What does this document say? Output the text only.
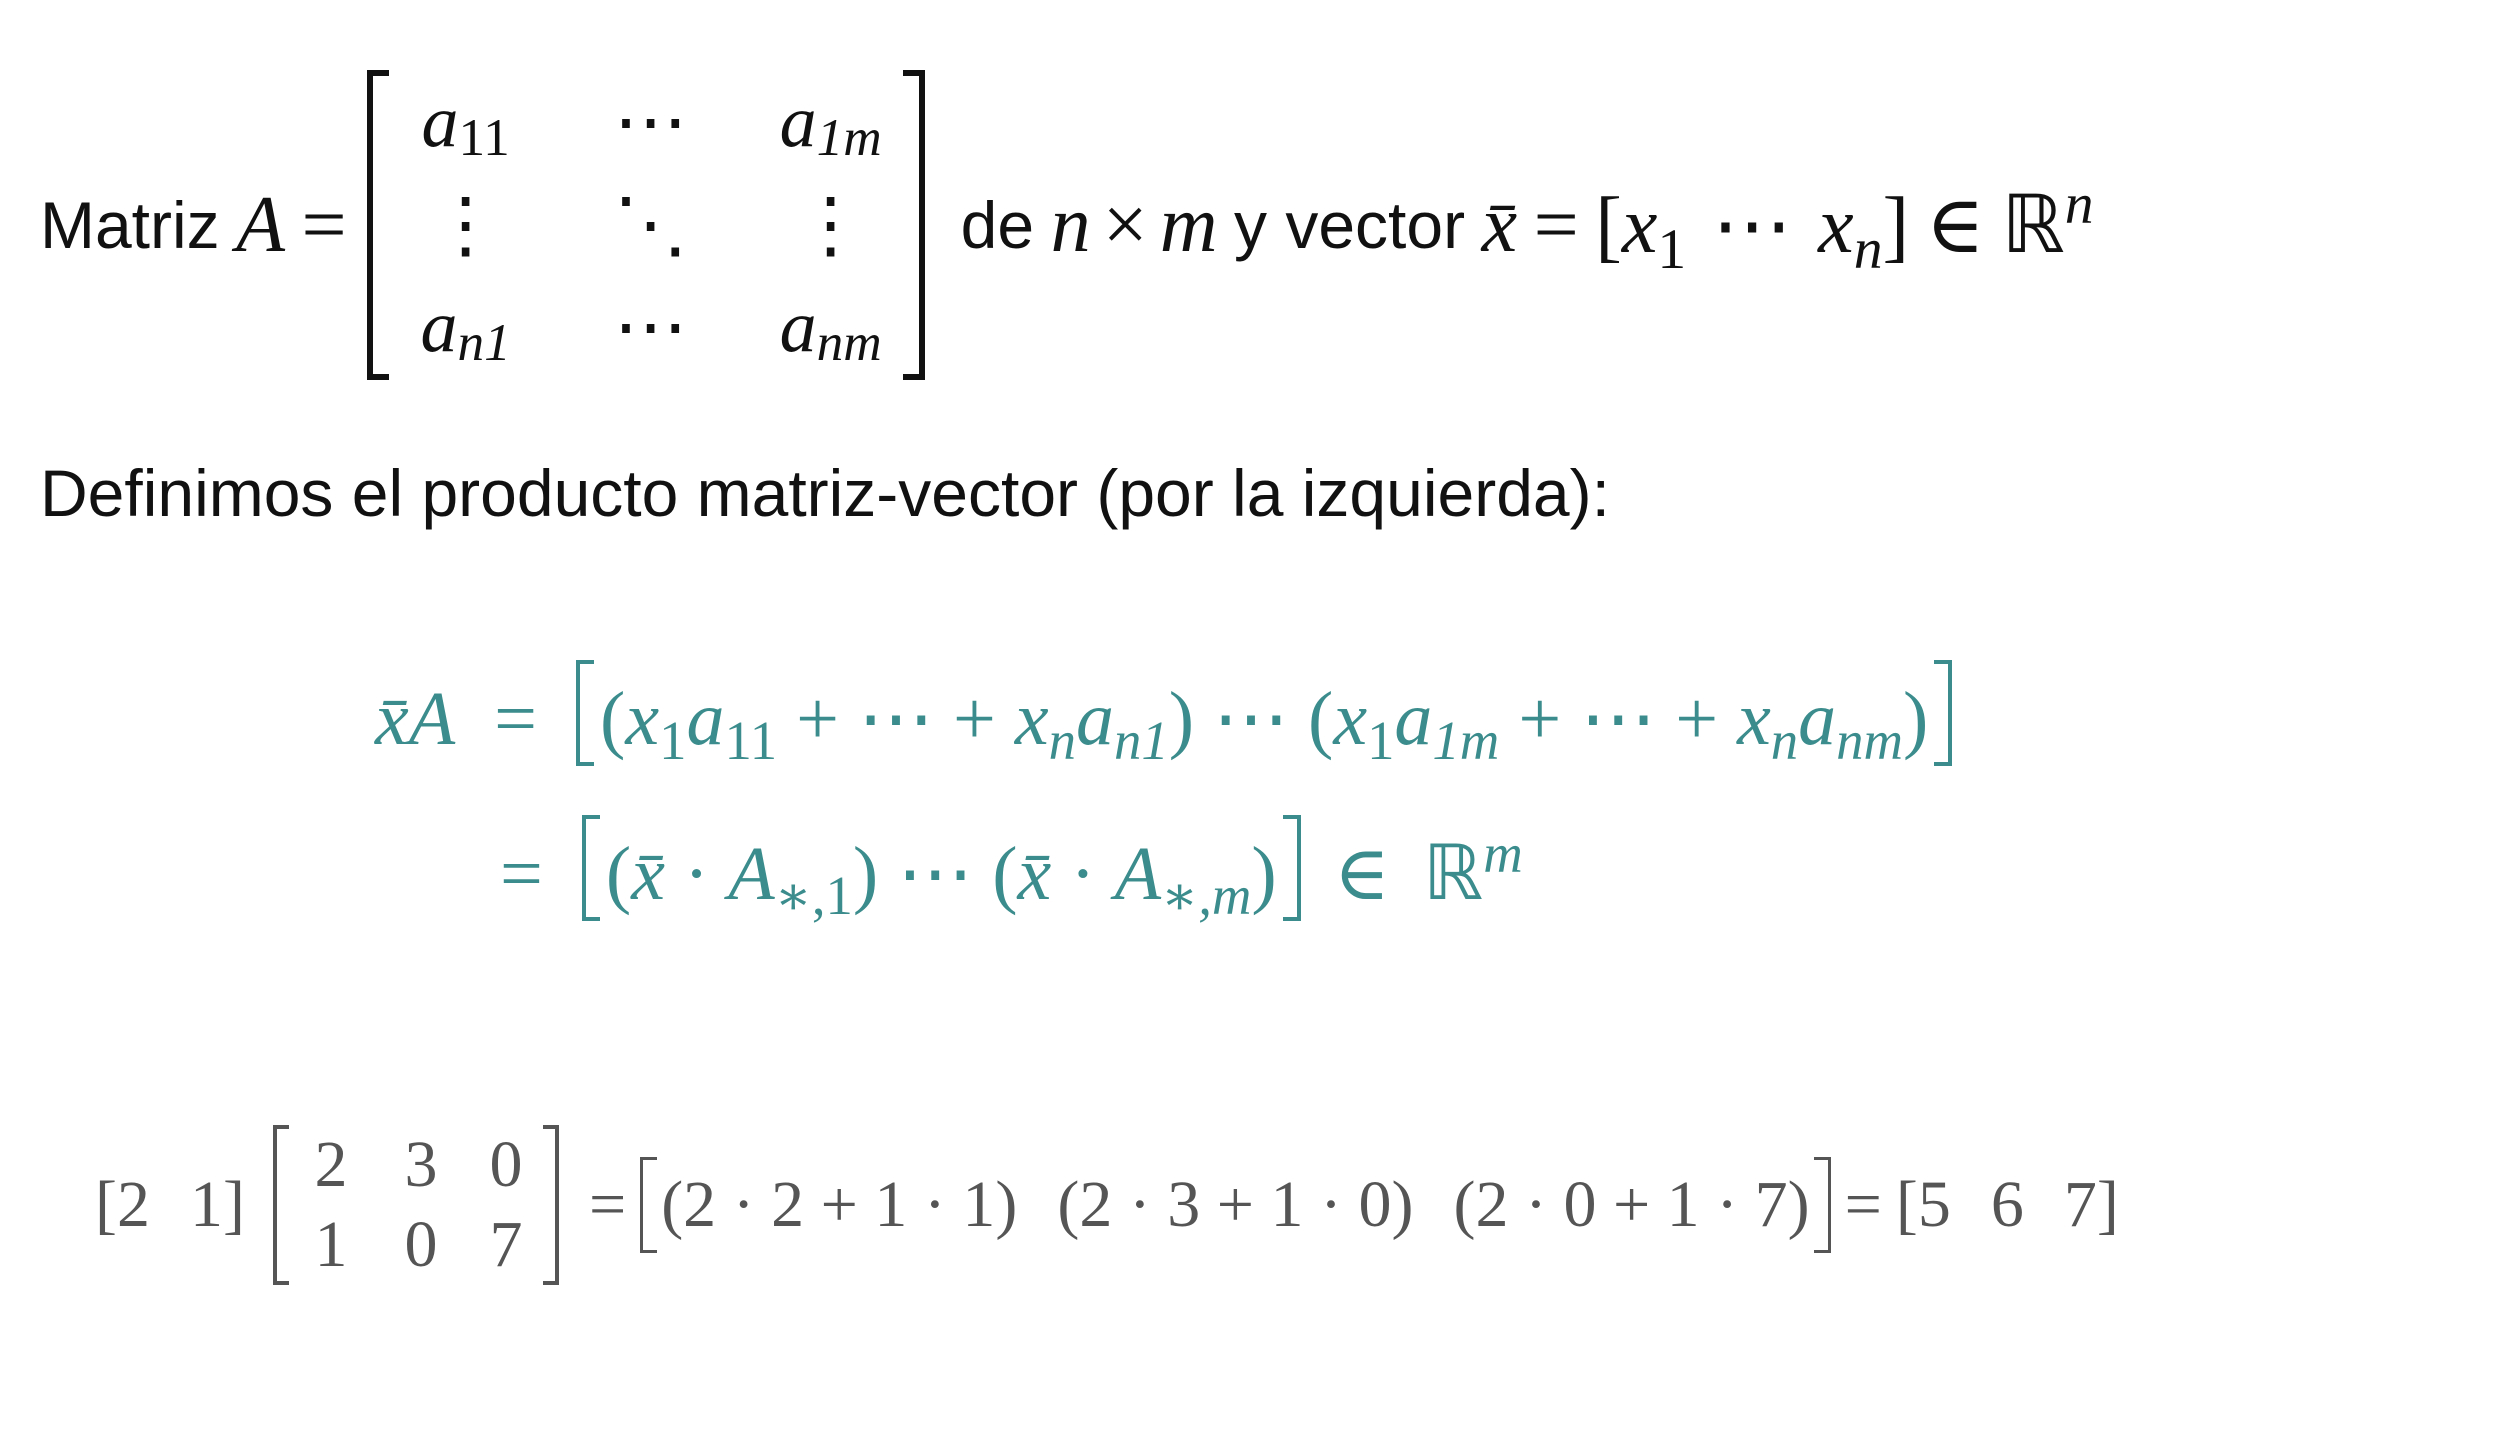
Matriz
A
=
a 11	⋯	a 1m
⋮	⋱	⋮
a n1	⋯	a nm
de
n × m
y vector
x̄
=
[$x_1$ ⋯ $x_n$]
∈
ℝ$^n$
Definimos el producto matriz-vector (por la izquierda):
x̄A = ($x_1a_{11}$ + ⋯ + $x_na_{n1}$) ⋯ ($x_1a_{1m}$ + ⋯ + $x_na_{nm}$)
= (x̄ · $A_{∗,1}$) ⋯ (x̄ · $A_{∗,m}$) ∈ ℝ$^m$
[2 1]
2 3 0
1 0 7
= (2 · 2 + 1 · 1) (2 · 3 + 1 · 0) (2 · 0 + 1 · 7) = [5 6 7]
